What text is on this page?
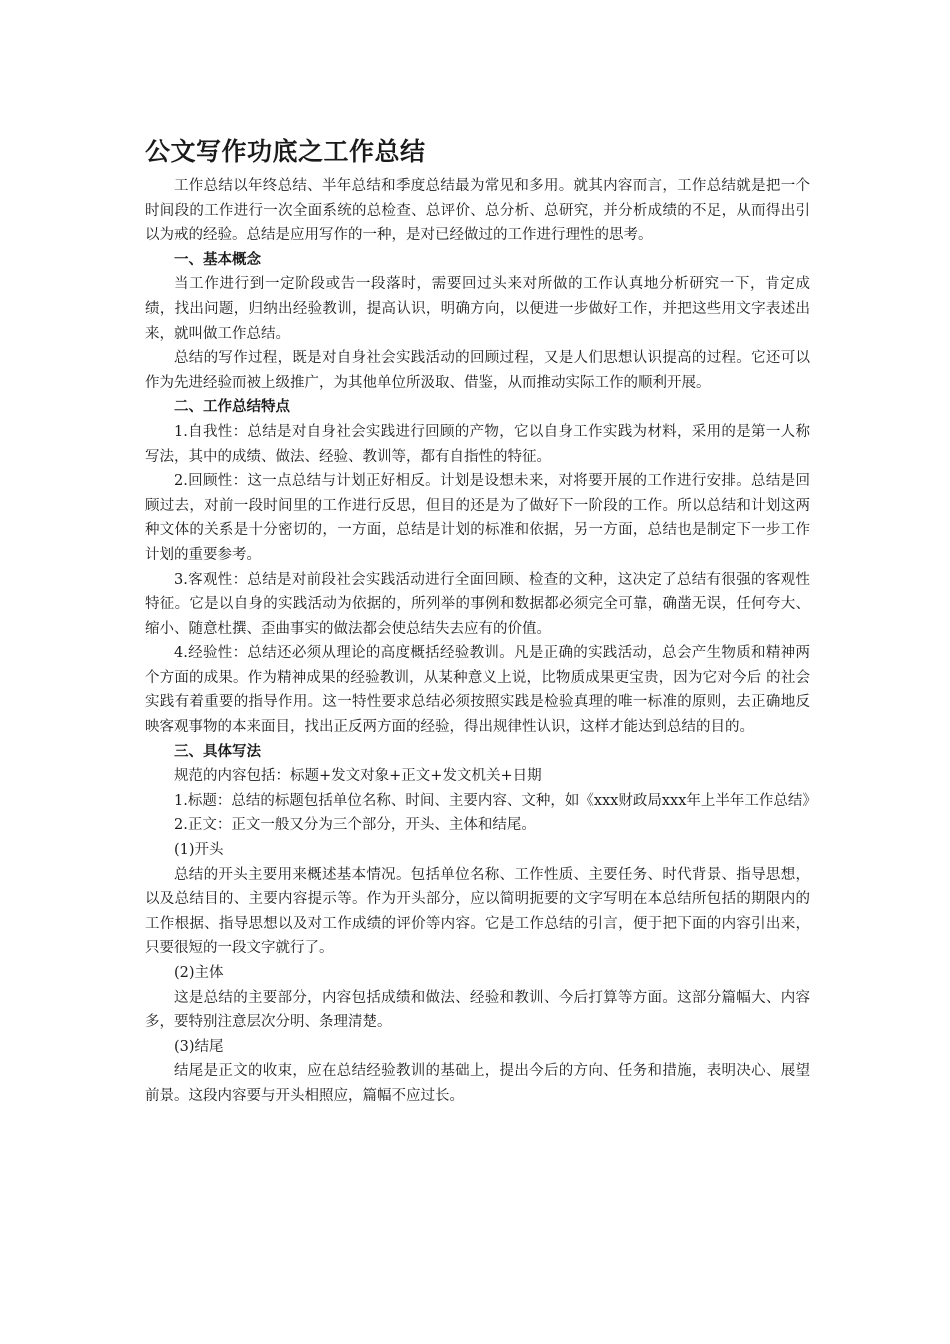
公文写作功底之工作总结

工作总结以年终总结、半年总结和季度总结最为常见和多用。就其内容而言，工作总结就是把一个时间段的工作进行一次全面系统的总检查、总评价、总分析、总研究，并分析成绩的不足，从而得出引以为戒的经验。总结是应用写作的一种，是对已经做过的工作进行理性的思考。

一、基本概念

当工作进行到一定阶段或告一段落时，需要回过头来对所做的工作认真地分析研究一下，肯定成绩，找出问题，归纳出经验教训，提高认识，明确方向，以便进一步做好工作，并把这些用文字表述出来，就叫做工作总结。

总结的写作过程，既是对自身社会实践活动的回顾过程，又是人们思想认识提高的过程。它还可以作为先进经验而被上级推广，为其他单位所汲取、借鉴，从而推动实际工作的顺利开展。

二、工作总结特点

1.自我性：总结是对自身社会实践进行回顾的产物，它以自身工作实践为材料，采用的是第一人称写法，其中的成绩、做法、经验、教训等，都有自指性的特征。

2.回顾性：这一点总结与计划正好相反。计划是设想未来，对将要开展的工作进行安排。总结是回顾过去，对前一段时间里的工作进行反思，但目的还是为了做好下一阶段的工作。所以总结和计划这两种文体的关系是十分密切的，一方面，总结是计划的标准和依据，另一方面，总结也是制定下一步工作计划的重要参考。

3.客观性：总结是对前段社会实践活动进行全面回顾、检查的文种，这决定了总结有很强的客观性特征。它是以自身的实践活动为依据的，所列举的事例和数据都必须完全可靠，确凿无误，任何夸大、缩小、随意杜撰、歪曲事实的做法都会使总结失去应有的价值。

4.经验性：总结还必须从理论的高度概括经验教训。凡是正确的实践活动，总会产生物质和精神两个方面的成果。作为精神成果的经验教训，从某种意义上说，比物质成果更宝贵，因为它对今后 的社会实践有着重要的指导作用。这一特性要求总结必须按照实践是检验真理的唯一标准的原则，去正确地反映客观事物的本来面目，找出正反两方面的经验，得出规律性认识，这样才能达到总结的目的。

三、具体写法

规范的内容包括：标题+发文对象+正文+发文机关+日期

1.标题：总结的标题包括单位名称、时间、主要内容、文种，如《xxx财政局xxx年上半年工作总结》

2.正文：正文一般又分为三个部分，开头、主体和结尾。

(1)开头

总结的开头主要用来概述基本情况。包括单位名称、工作性质、主要任务、时代背景、指导思想，以及总结目的、主要内容提示等。作为开头部分，应以简明扼要的文字写明在本总结所包括的期限内的工作根据、指导思想以及对工作成绩的评价等内容。它是工作总结的引言，便于把下面的内容引出来，只要很短的一段文字就行了。

(2)主体

这是总结的主要部分，内容包括成绩和做法、经验和教训、今后打算等方面。这部分篇幅大、内容多，要特别注意层次分明、条理清楚。

(3)结尾

结尾是正文的收束，应在总结经验教训的基础上，提出今后的方向、任务和措施，表明决心、展望前景。这段内容要与开头相照应，篇幅不应过长。
